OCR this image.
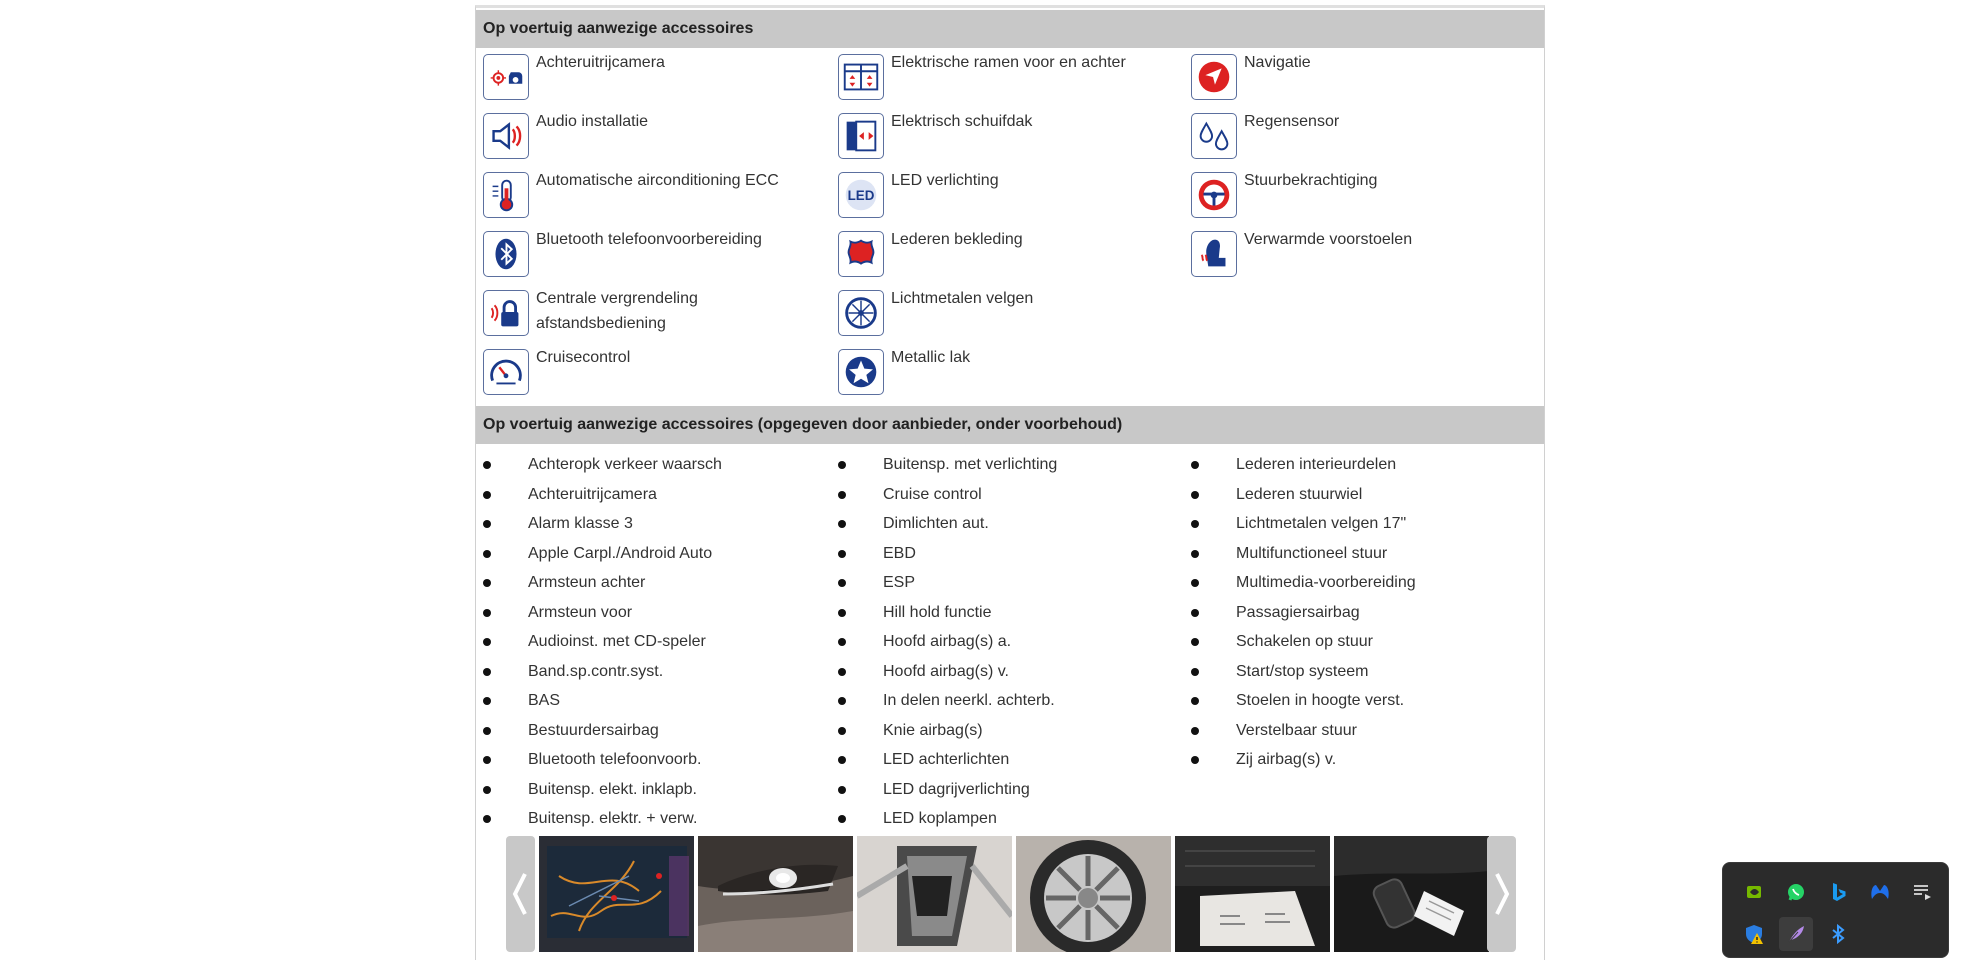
Op voertuig aanwezige accessoires
Achteruitrijcamera
Audio installatie
Automatische airconditioning ECC
Bluetooth telefoonvoorbereiding
Centrale vergrendeling
afstandsbediening
Cruisecontrol
Elektrische ramen voor en achter
Elektrisch schuifdak
LED
LED verlichting
Lederen bekleding
Lichtmetalen velgen
Metallic lak
Navigatie
Regensensor
Stuurbekrachtiging
Verwarmde voorstoelen
Op voertuig aanwezige accessoires (opgegeven door aanbieder, onder voorbehoud)
Achteropk verkeer waarsch
Achteruitrijcamera
Alarm klasse 3
Apple Carpl./Android Auto
Armsteun achter
Armsteun voor
Audioinst. met CD-speler
Band.sp.contr.syst.
BAS
Bestuurdersairbag
Bluetooth telefoonvoorb.
Buitensp. elekt. inklapb.
Buitensp. elektr. + verw.
Buitensp. met verlichting
Cruise control
Dimlichten aut.
EBD
ESP
Hill hold functie
Hoofd airbag(s) a.
Hoofd airbag(s) v.
In delen neerkl. achterb.
Knie airbag(s)
LED achterlichten
LED dagrijverlichting
LED koplampen
Lederen interieurdelen
Lederen stuurwiel
Lichtmetalen velgen 17"
Multifunctioneel stuur
Multimedia-voorbereiding
Passagiersairbag
Schakelen op stuur
Start/stop systeem
Stoelen in hoogte verst.
Verstelbaar stuur
Zij airbag(s) v.
